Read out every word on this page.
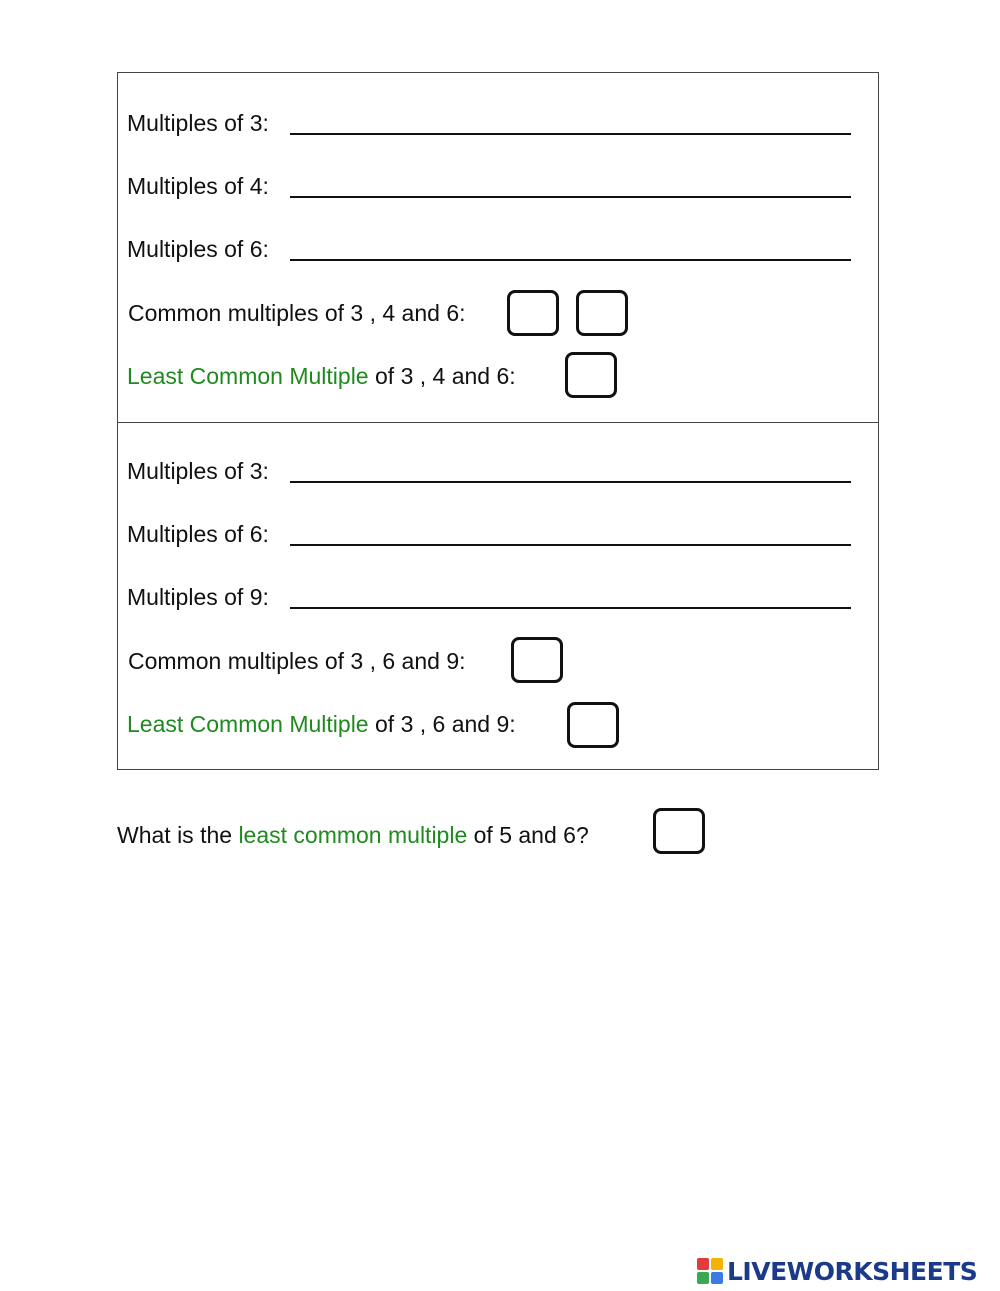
Multiples of 3:
Multiples of 4:
Multiples of 6:
Common multiples of 3 , 4 and 6:
Least Common Multiple of 3 , 4 and 6:
Multiples of 3:
Multiples of 6:
Multiples of 9:
Common multiples of 3 , 6 and 9:
Least Common Multiple of 3 , 6 and 9:
What is the least common multiple of 5 and 6?
LIVEWORKSHEETS
